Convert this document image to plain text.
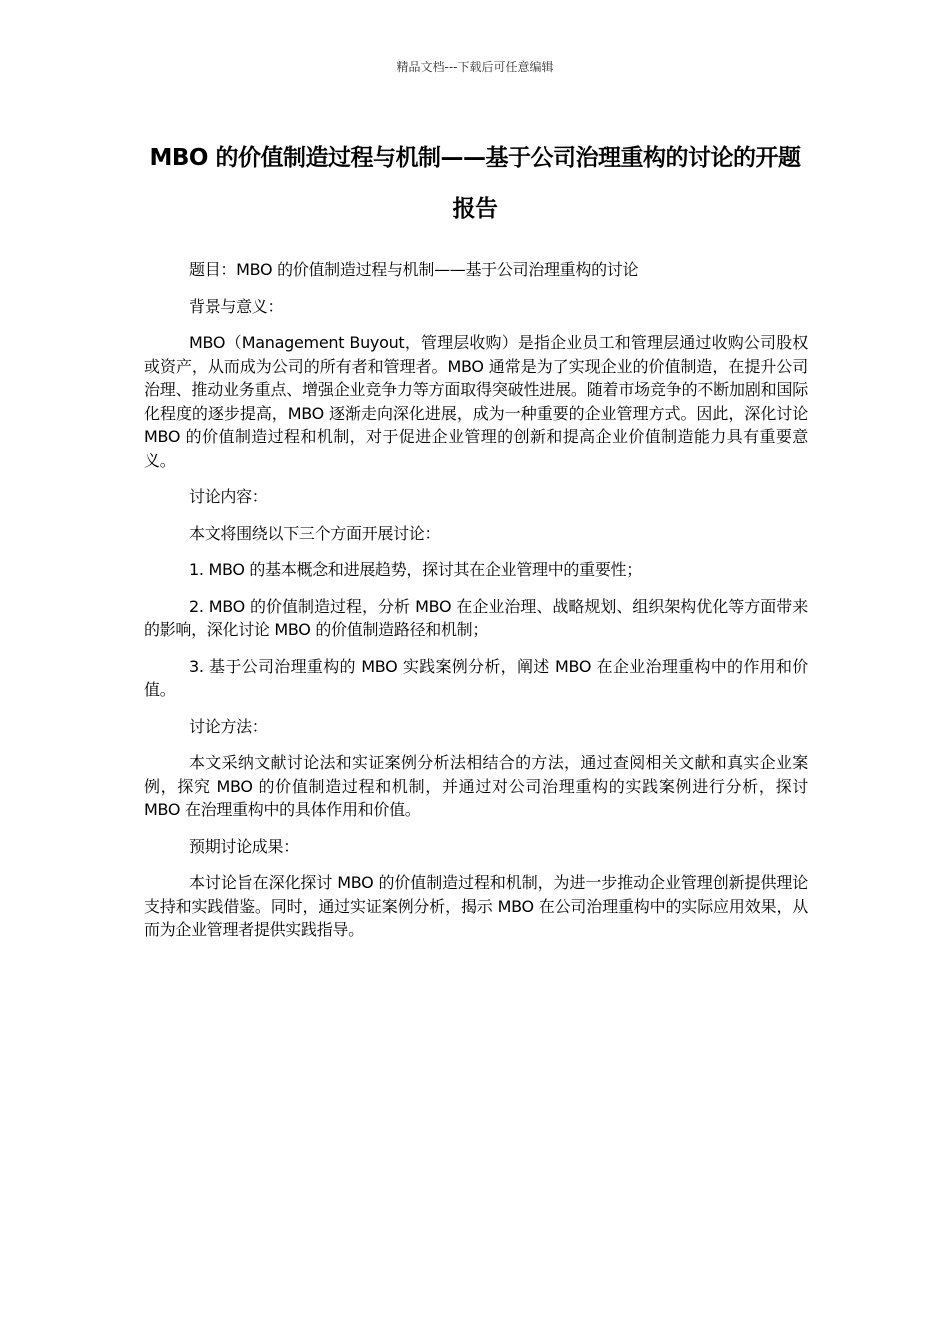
精品文档---下载后可任意编辑
MBO 的价值制造过程与机制——基于公司治理重构的讨论的开题报告

题目：MBO 的价值制造过程与机制——基于公司治理重构的讨论

背景与意义：

MBO（Management Buyout，管理层收购）是指企业员工和管理层通过收购公司股权或资产，从而成为公司的所有者和管理者。MBO 通常是为了实现企业的价值制造，在提升公司治理、推动业务重点、增强企业竞争力等方面取得突破性进展。随着市场竞争的不断加剧和国际化程度的逐步提高，MBO 逐渐走向深化进展，成为一种重要的企业管理方式。因此，深化讨论 MBO 的价值制造过程和机制，对于促进企业管理的创新和提高企业价值制造能力具有重要意义。

讨论内容：

本文将围绕以下三个方面开展讨论：

1. MBO 的基本概念和进展趋势，探讨其在企业管理中的重要性；

2. MBO 的价值制造过程，分析 MBO 在企业治理、战略规划、组织架构优化等方面带来的影响，深化讨论 MBO 的价值制造路径和机制；

3. 基于公司治理重构的 MBO 实践案例分析，阐述 MBO 在企业治理重构中的作用和价值。

讨论方法：

本文采纳文献讨论法和实证案例分析法相结合的方法，通过查阅相关文献和真实企业案例，探究 MBO 的价值制造过程和机制，并通过对公司治理重构的实践案例进行分析，探讨 MBO 在治理重构中的具体作用和价值。

预期讨论成果：

本讨论旨在深化探讨 MBO 的价值制造过程和机制，为进一步推动企业管理创新提供理论支持和实践借鉴。同时，通过实证案例分析，揭示 MBO 在公司治理重构中的实际应用效果，从而为企业管理者提供实践指导。
